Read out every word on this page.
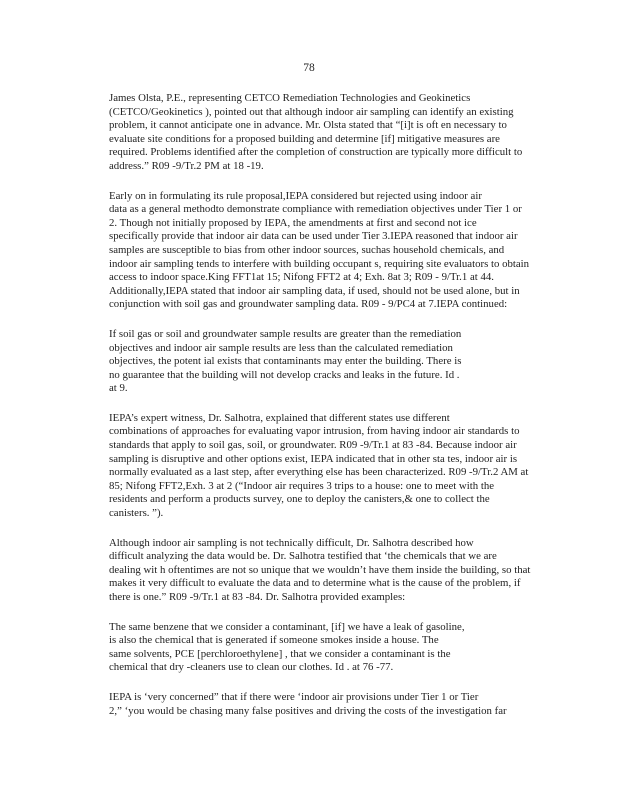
78

James Olsta, P.E., representing CETCO Remediation Technologies and Geokinetics
(CETCO/Geokinetics ), pointed out that although indoor air sampling can identify an existing
problem, it cannot anticipate one in advance. Mr. Olsta stated that “[i]t is oft en necessary to
evaluate site conditions for a proposed building and determine [if] mitigative measures are
required. Problems identified after the completion of construction are typically more difficult to
address.” R09 -9/Tr.2 PM at 18 -19.

Early on in formulating its rule proposal,IEPA considered but rejected using indoor air
data as a general methodto demonstrate compliance with remediation objectives under Tier 1 or
2. Though not initially proposed by IEPA, the amendments at first and second not ice
specifically provide that indoor air data can be used under Tier 3.IEPA reasoned that indoor air
samples are susceptible to bias from other indoor sources, suchas household chemicals, and
indoor air sampling tends to interfere with building occupant s, requiring site evaluators to obtain
access to indoor space.King FFT1at 15; Nifong FFT2 at 4; Exh. 8at 3; R09 - 9/Tr.1 at 44.
Additionally,IEPA stated that indoor air sampling data, if used, should not be used alone, but in
conjunction with soil gas and groundwater sampling data. R09 - 9/PC4 at 7.IEPA continued:

If soil gas or soil and groundwater sample results are greater than the remediation
objectives and indoor air sample results are less than the calculated remediation
objectives, the potent ial exists that contaminants may enter the building. There is
no guarantee that the building will not develop cracks and leaks in the future. Id .
at 9.

IEPA’s expert witness, Dr. Salhotra, explained that different states use different
combinations of approaches for evaluating vapor intrusion, from having indoor air standards to
standards that apply to soil gas, soil, or groundwater. R09 -9/Tr.1 at 83 -84. Because indoor air
sampling is disruptive and other options exist, IEPA indicated that in other sta tes, indoor air is
normally evaluated as a last step, after everything else has been characterized. R09 -9/Tr.2 AM at
85; Nifong FFT2,Exh. 3 at 2 (“Indoor air requires 3 trips to a house: one to meet with the
residents and perform a products survey, one to deploy the canisters,& one to collect the
canisters. ”).

Although indoor air sampling is not technically difficult, Dr. Salhotra described how
difficult analyzing the data would be. Dr. Salhotra testified that ‘the chemicals that we are
dealing wit h oftentimes are not so unique that we wouldn’t have them inside the building, so that
makes it very difficult to evaluate the data and to determine what is the cause of the problem, if
there is one.” R09 -9/Tr.1 at 83 -84. Dr. Salhotra provided examples:

The same benzene that we consider a contaminant, [if] we have a leak of gasoline,
is also the chemical that is generated if someone smokes inside a house. The
same solvents, PCE [perchloroethylene] , that we consider a contaminant is the
chemical that dry -cleaners use to clean our clothes. Id . at 76 -77.

IEPA is ‘very concerned” that if there were ‘indoor air provisions under Tier 1 or Tier
2,” ‘you would be chasing many false positives and driving the costs of the investigation far
